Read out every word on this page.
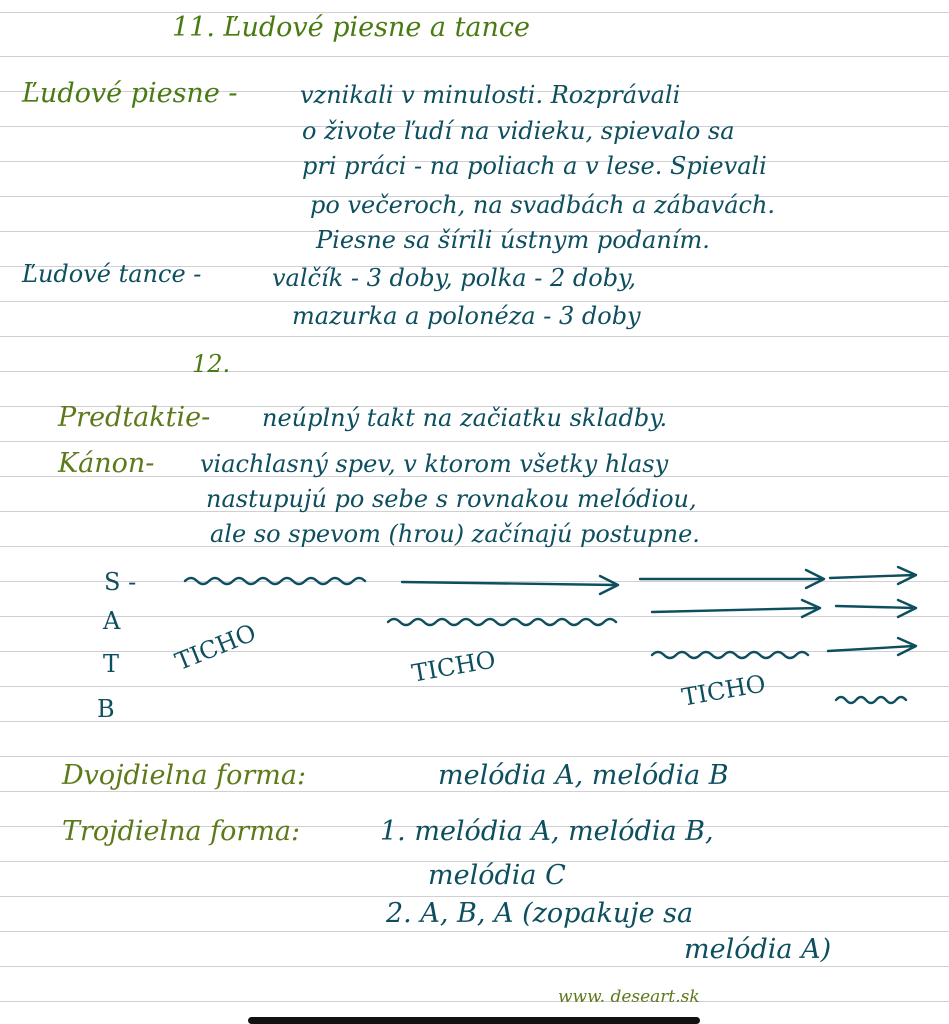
11. Ľudové piesne a tance
Ľudové piesne -	vznikali v minulosti. Rozprávali
o živote ľudí na vidieku, spievalo sa
pri práci - na poliach a v lese. Spievali
po večeroch, na svadbách a zábavách.
Piesne sa šírili ústnym podaním.
Ľudové tance -	valčík - 3 doby, polka - 2 doby,
mazurka a polonéza - 3 doby
12.
Predtaktie- neúplný takt na začiatku skladby.
Kánon- viachlasný spev, v ktorom všetky hlasy
nastupujú po sebe s rovnakou melódiou,
ale so spevom (hrou) začínajú postupne.
S -
A
T
B
TICHO	TICHO
TICHO
Dvojdielna forma:	melódia A, melódia B
Trojdielna forma:	1. melódia A, melódia B,
melódia C
2. A, B, A (zopakuje sa
melódia A)
www. deseart.sk
